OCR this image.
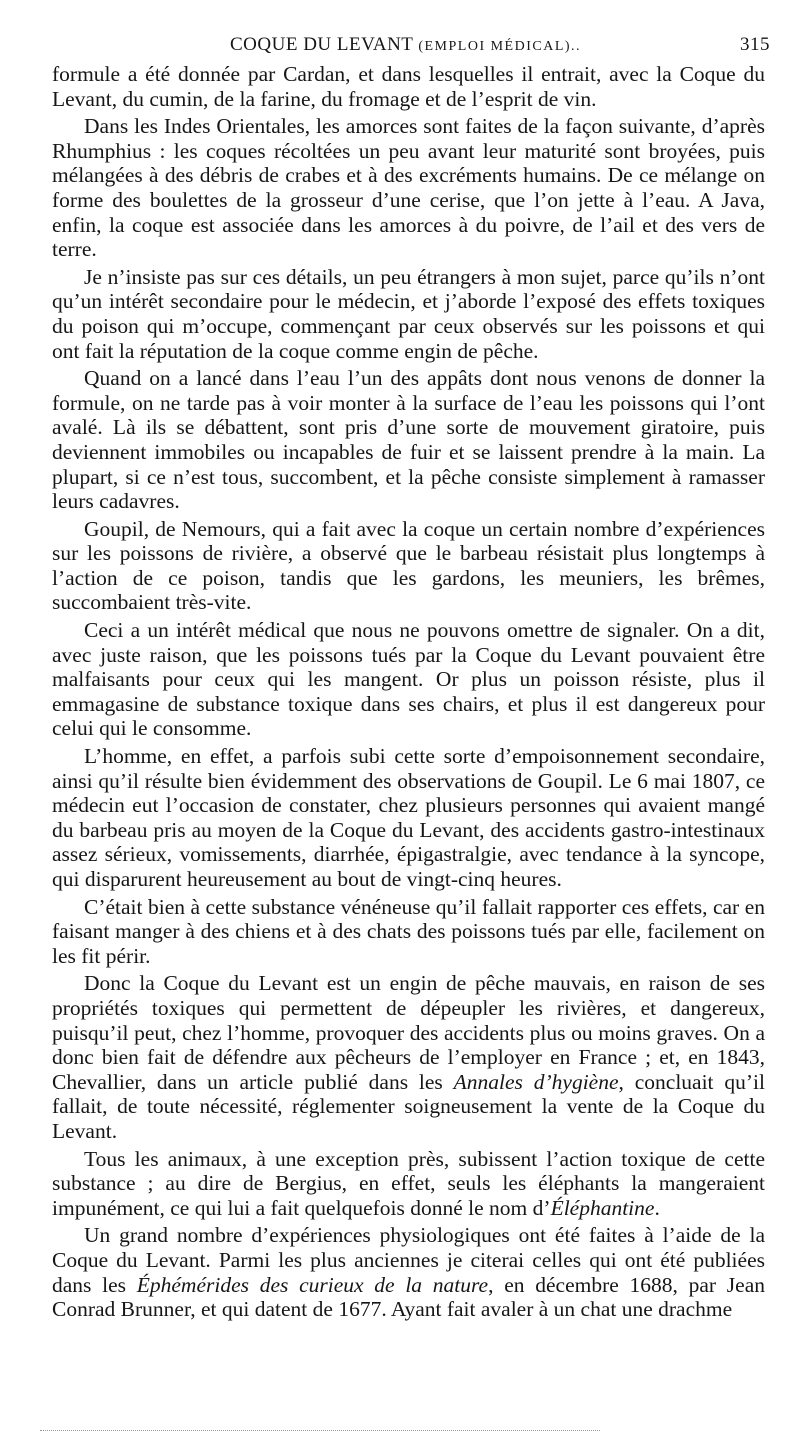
COQUE DU LEVANT (EMPLOI MÉDICAL)..	315

formule a été donnée par Cardan, et dans lesquelles il entrait, avec la Coque du Levant, du cumin, de la farine, du fromage et de l’esprit de vin.

Dans les Indes Orientales, les amorces sont faites de la façon suivante, d’après Rhumphius : les coques récoltées un peu avant leur maturité sont broyées, puis mélangées à des débris de crabes et à des excréments humains. De ce mélange on forme des boulettes de la grosseur d’une cerise, que l’on jette à l’eau. A Java, enfin, la coque est associée dans les amorces à du poivre, de l’ail et des vers de terre.

Je n’insiste pas sur ces détails, un peu étrangers à mon sujet, parce qu’ils n’ont qu’un intérêt secondaire pour le médecin, et j’aborde l’exposé des effets toxiques du poison qui m’occupe, commençant par ceux observés sur les poissons et qui ont fait la réputation de la coque comme engin de pêche.

Quand on a lancé dans l’eau l’un des appâts dont nous venons de donner la formule, on ne tarde pas à voir monter à la surface de l’eau les poissons qui l’ont avalé. Là ils se débattent, sont pris d’une sorte de mouvement giratoire, puis deviennent immobiles ou incapables de fuir et se laissent prendre à la main. La plupart, si ce n’est tous, succombent, et la pêche consiste simplement à ramasser leurs cadavres.

Goupil, de Nemours, qui a fait avec la coque un certain nombre d’expériences sur les poissons de rivière, a observé que le barbeau résistait plus longtemps à l’action de ce poison, tandis que les gardons, les meuniers, les brêmes, succombaient très-vite.

Ceci a un intérêt médical que nous ne pouvons omettre de signaler. On a dit, avec juste raison, que les poissons tués par la Coque du Levant pouvaient être malfaisants pour ceux qui les mangent. Or plus un poisson résiste, plus il emmagasine de substance toxique dans ses chairs, et plus il est dangereux pour celui qui le consomme.

L’homme, en effet, a parfois subi cette sorte d’empoisonnement secondaire, ainsi qu’il résulte bien évidemment des observations de Goupil. Le 6 mai 1807, ce médecin eut l’occasion de constater, chez plusieurs personnes qui avaient mangé du barbeau pris au moyen de la Coque du Levant, des accidents gastro-intestinaux assez sérieux, vomissements, diarrhée, épigastralgie, avec tendance à la syncope, qui disparurent heureusement au bout de vingt-cinq heures.

C’était bien à cette substance vénéneuse qu’il fallait rapporter ces effets, car en faisant manger à des chiens et à des chats des poissons tués par elle, facilement on les fit périr.

Donc la Coque du Levant est un engin de pêche mauvais, en raison de ses propriétés toxiques qui permettent de dépeupler les rivières, et dangereux, puisqu’il peut, chez l’homme, provoquer des accidents plus ou moins graves. On a donc bien fait de défendre aux pêcheurs de l’employer en France ; et, en 1843, Chevallier, dans un article publié dans les Annales d’hygiène, concluait qu’il fallait, de toute nécessité, réglementer soigneusement la vente de la Coque du Levant.

Tous les animaux, à une exception près, subissent l’action toxique de cette substance ; au dire de Bergius, en effet, seuls les éléphants la mangeraient impunément, ce qui lui a fait quelquefois donné le nom d’Éléphantine.

Un grand nombre d’expériences physiologiques ont été faites à l’aide de la Coque du Levant. Parmi les plus anciennes je citerai celles qui ont été publiées dans les Éphémérides des curieux de la nature, en décembre 1688, par Jean Conrad Brunner, et qui datent de 1677. Ayant fait avaler à un chat une drachme
